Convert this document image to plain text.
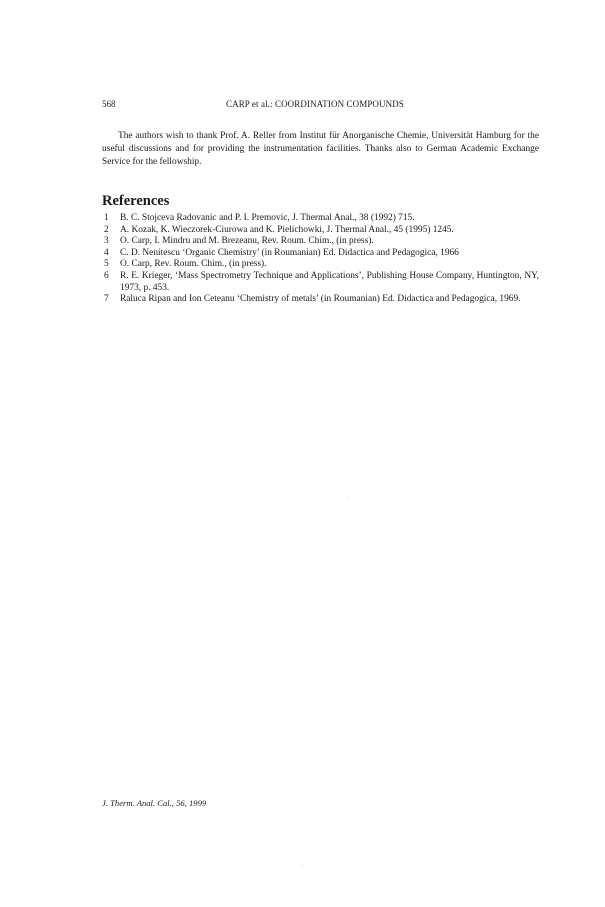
568	CARP et al.: COORDINATION COMPOUNDS

The authors wish to thank Prof. A. Reller from Institut für Anorganische Chemie, Universität Hamburg for the useful discussions and for providing the instrumentation facilities. Thanks also to German Academic Exchange Service for the fellowship.

References
1	B. C. Stojceva Radovanic and P. I. Premovic, J. Thermal Anal., 38 (1992) 715.
2	A. Kozak, K. Wieczorek-Ciurowa and K. Pielichowki, J. Thermal Anal., 45 (1995) 1245.
3	O. Carp, I. Mindru and M. Brezeanu, Rev. Roum. Chim., (in press).
4	C. D. Nenitescu ‘Organic Chemistry’ (in Roumanian) Ed. Didactica and Pedagogica, 1966
5	O. Carp, Rev. Roum. Chim., (in press).
6	R. E. Krieger, ‘Mass Spectrometry Technique and Applications’, Publishing House Company, Huntington, NY, 1973, p. 453.
7	Raluca Ripan and Ion Ceteanu ‘Chemistry of metals’ (in Roumanian) Ed. Didactica and Pedagogica, 1969.
J. Therm. Anal. Cal., 56, 1999
